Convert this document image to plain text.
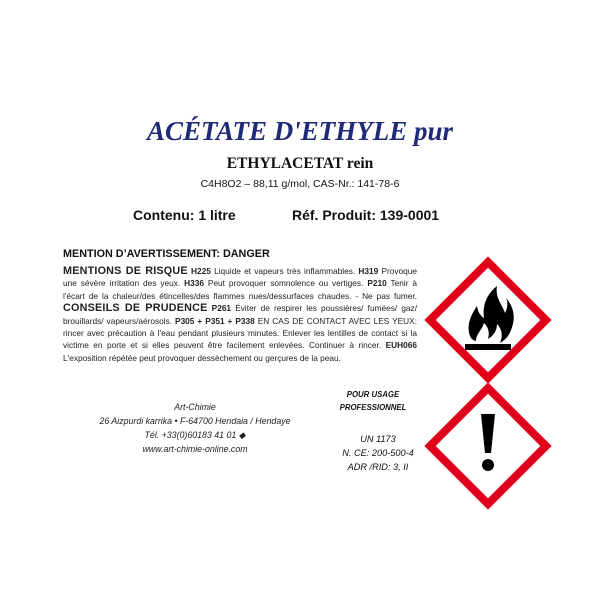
ACÉTATE D'ETHYLE pur
ETHYLACETAT rein
C4H8O2 – 88,11 g/mol, CAS-Nr.: 141-78-6
Contenu: 1 litre	Réf. Produit: 139-0001
MENTION D’AVERTISSEMENT: DANGER
MENTIONS DE RISQUE H225 Liquide et vapeurs très inflammables. H319 Provoque une sévère irritation des yeux. H336 Peut provoquer somnolence ou vertiges. P210 Tenir à l'écart de la chaleur/des étincelles/des flammes nues/dessurfaces chaudes. - Ne pas fumer. CONSEILS DE PRUDENCE P261 Éviter de respirer les poussières/ fumées/ gaz/ brouillards/ vapeurs/aérosols. P305 + P351 + P338 EN CAS DE CONTACT AVEC LES YEUX: rincer avec précaution à l'eau pendant plusieurs minutes. Enlever les lentilles de contact si la victime en porte et si elles peuvent être facilement enlevées. Continuer à rincer. EUH066 L'exposition répétée peut provoquer dessèchement ou gerçures de la peau.
Art-Chimie
26 Aizpurdi karrika • F-64700 Hendaia / Hendaye
Tél. +33(0)60183 41 01 ◆
www.art-chimie-online.com
POUR USAGE
PROFESSIONNEL
UN 1173
N. CE: 200-500-4
ADR /RID: 3, II
